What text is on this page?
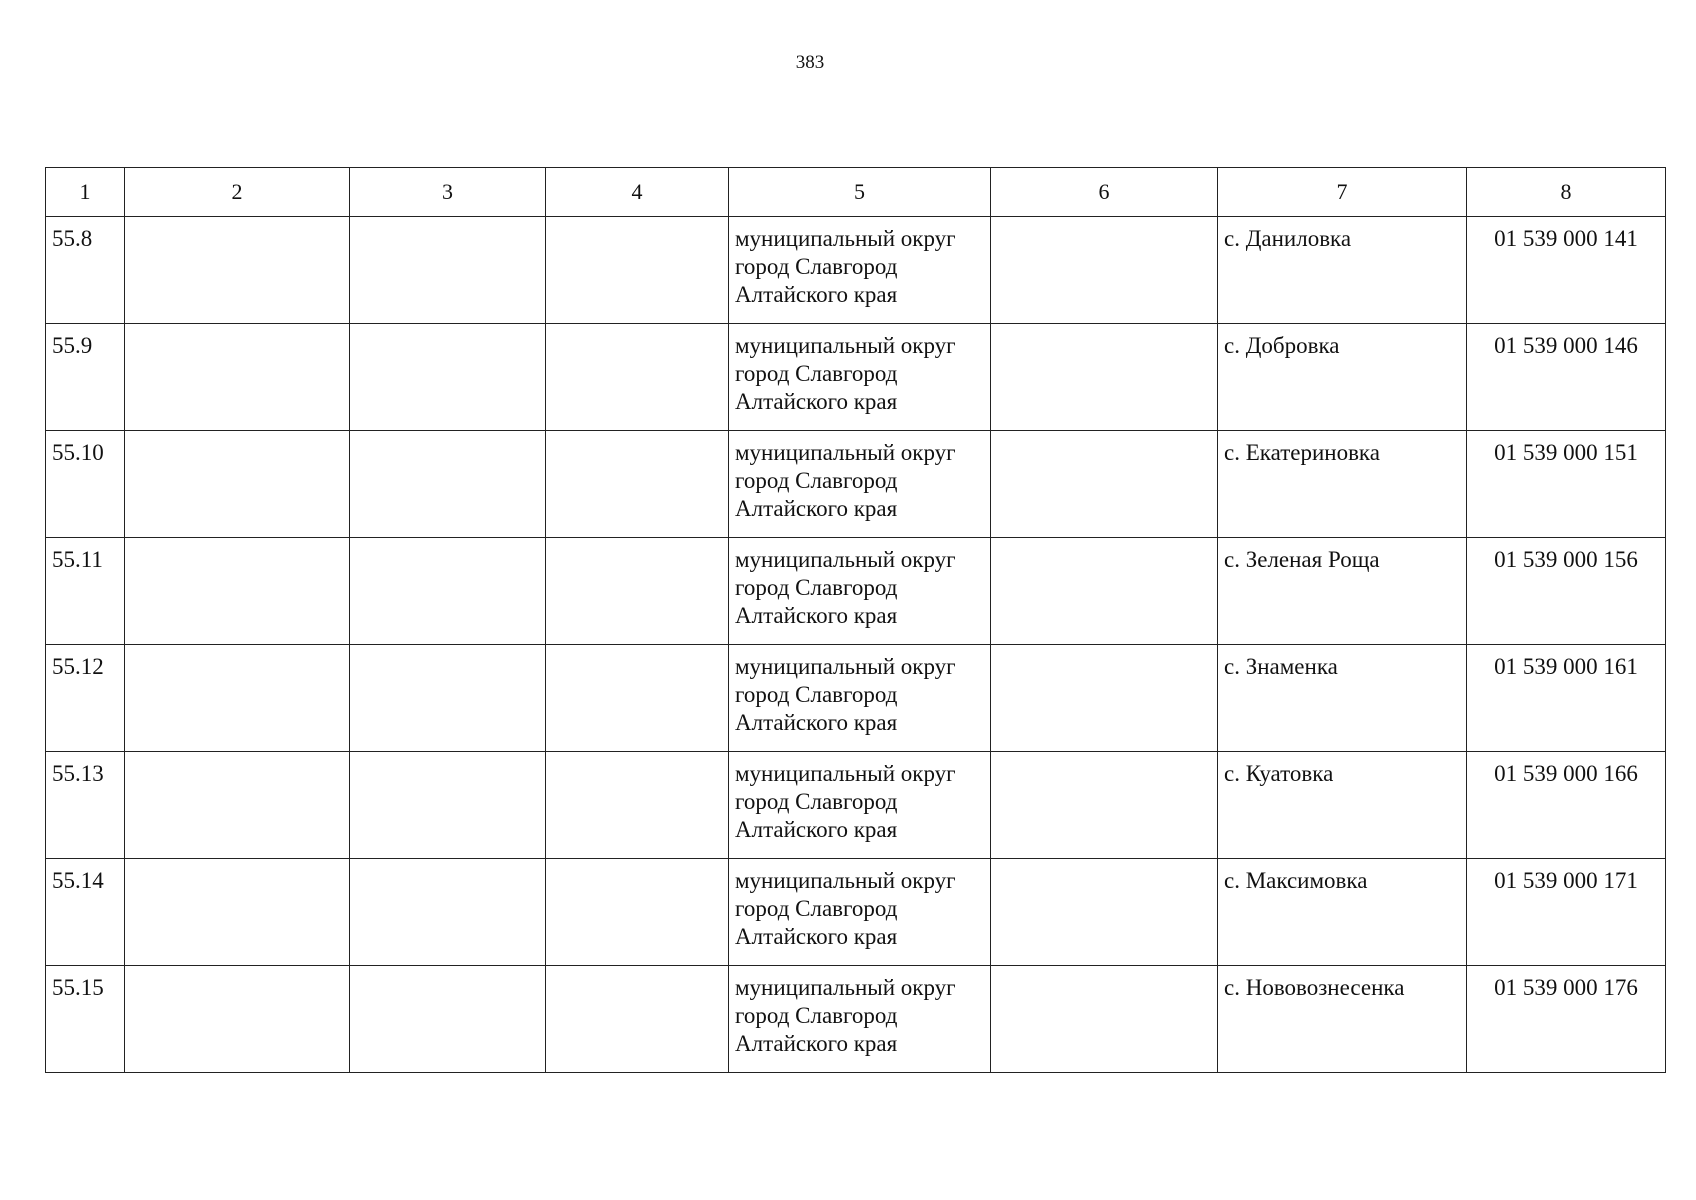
383
1	2	3	4	5	6	7	8
55.8				муниципальный округ
город Славгород
Алтайского края		с. Даниловка	01 539 000 141
55.9				муниципальный округ
город Славгород
Алтайского края		с. Добровка	01 539 000 146
55.10				муниципальный округ
город Славгород
Алтайского края		с. Екатериновка	01 539 000 151
55.11				муниципальный округ
город Славгород
Алтайского края		с. Зеленая Роща	01 539 000 156
55.12				муниципальный округ
город Славгород
Алтайского края		с. Знаменка	01 539 000 161
55.13				муниципальный округ
город Славгород
Алтайского края		с. Куатовка	01 539 000 166
55.14				муниципальный округ
город Славгород
Алтайского края		с. Максимовка	01 539 000 171
55.15				муниципальный округ
город Славгород
Алтайского края		с. Нововознесенка	01 539 000 176
